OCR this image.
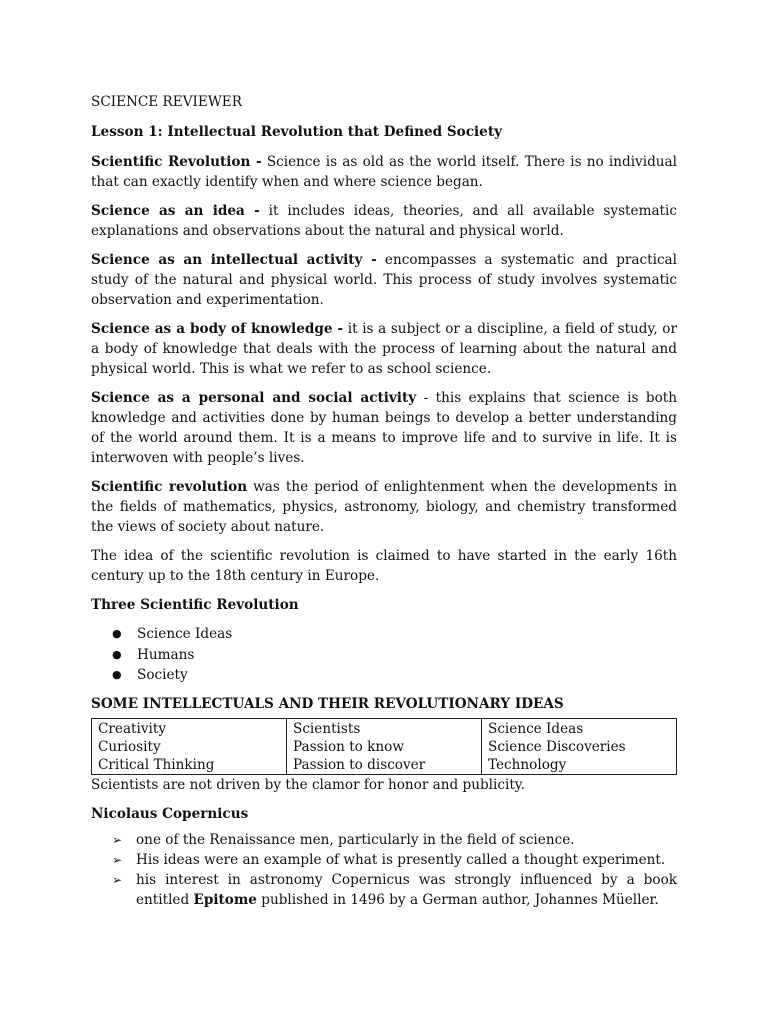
SCIENCE REVIEWER

Lesson 1: Intellectual Revolution that Defined Society

Scientific Revolution - Science is as old as the world itself. There is no individual that can exactly identify when and where science began.

Science as an idea - it includes ideas, theories, and all available systematic explanations and observations about the natural and physical world.

Science as an intellectual activity - encompasses a systematic and practical study of the natural and physical world. This process of study involves systematic observation and experimentation.

Science as a body of knowledge - it is a subject or a discipline, a field of study, or a body of knowledge that deals with the process of learning about the natural and physical world. This is what we refer to as school science.

Science as a personal and social activity - this explains that science is both knowledge and activities done by human beings to develop a better understanding of the world around them. It is a means to improve life and to survive in life. It is interwoven with people’s lives.

Scientific revolution was the period of enlightenment when the developments in the fields of mathematics, physics, astronomy, biology, and chemistry transformed the views of society about nature.

The idea of the scientific revolution is claimed to have started in the early 16th century up to the 18th century in Europe.

Three Scientific Revolution

● Science Ideas
● Humans
● Society

SOME INTELLECTUALS AND THEIR REVOLUTIONARY IDEAS

Creativity	Scientists	Science Ideas
Curiosity	Passion to know	Science Discoveries
Critical Thinking	Passion to discover	Technology

Scientists are not driven by the clamor for honor and publicity.

Nicolaus Copernicus

➢ one of the Renaissance men, particularly in the field of science.
➢ His ideas were an example of what is presently called a thought experiment.
➢ his interest in astronomy Copernicus was strongly influenced by a book entitled Epitome published in 1496 by a German author, Johannes Müeller.
